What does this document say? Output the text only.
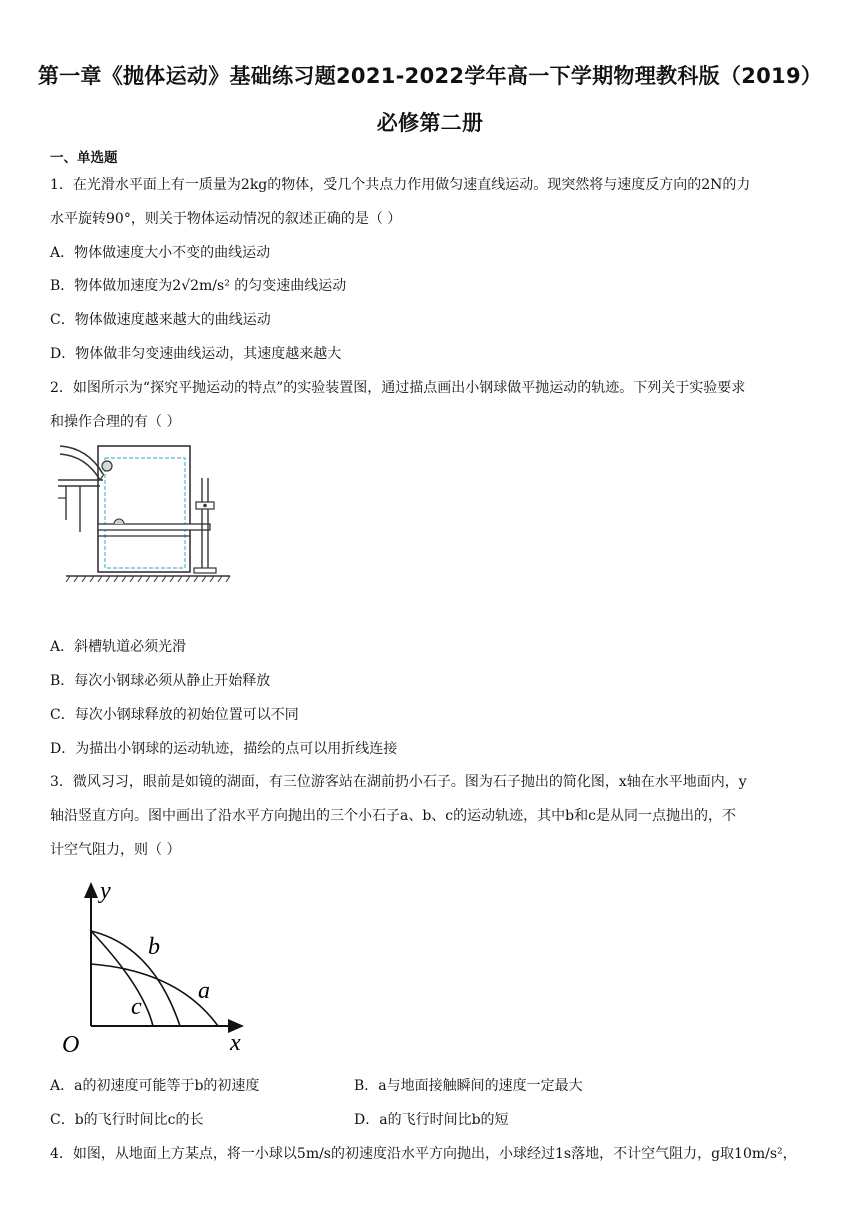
第一章《抛体运动》基础练习题2021-2022学年高一下学期物理教科版（2019）
必修第二册
一、单选题
1．在光滑水平面上有一质量为2kg的物体，受几个共点力作用做匀速直线运动。现突然将与速度反方向的2N的力
水平旋转90°，则关于物体运动情况的叙述正确的是（ ）
A．物体做速度大小不变的曲线运动
B．物体做加速度为2√2m/s² 的匀变速曲线运动
C．物体做速度越来越大的曲线运动
D．物体做非匀变速曲线运动，其速度越来越大
2．如图所示为“探究平抛运动的特点”的实验装置图，通过描点画出小钢球做平抛运动的轨迹。下列关于实验要求
和操作合理的有（ ）
A．斜槽轨道必须光滑
B．每次小钢球必须从静止开始释放
C．每次小钢球释放的初始位置可以不同
D．为描出小钢球的运动轨迹，描绘的点可以用折线连接
3．微风习习，眼前是如镜的湖面，有三位游客站在湖前扔小石子。图为石子抛出的简化图，x轴在水平地面内，y
轴沿竖直方向。图中画出了沿水平方向抛出的三个小石子a、b、c的运动轨迹，其中b和c是从同一点抛出的，不
计空气阻力，则（ ）
y
x
O
b
a
c
A．a的初速度可能等于b的初速度	B．a与地面接触瞬间的速度一定最大
C．b的飞行时间比c的长	D．a的飞行时间比b的短
4．如图，从地面上方某点，将一小球以5m/s的初速度沿水平方向抛出，小球经过1s落地，不计空气阻力，g取10m/s²，
